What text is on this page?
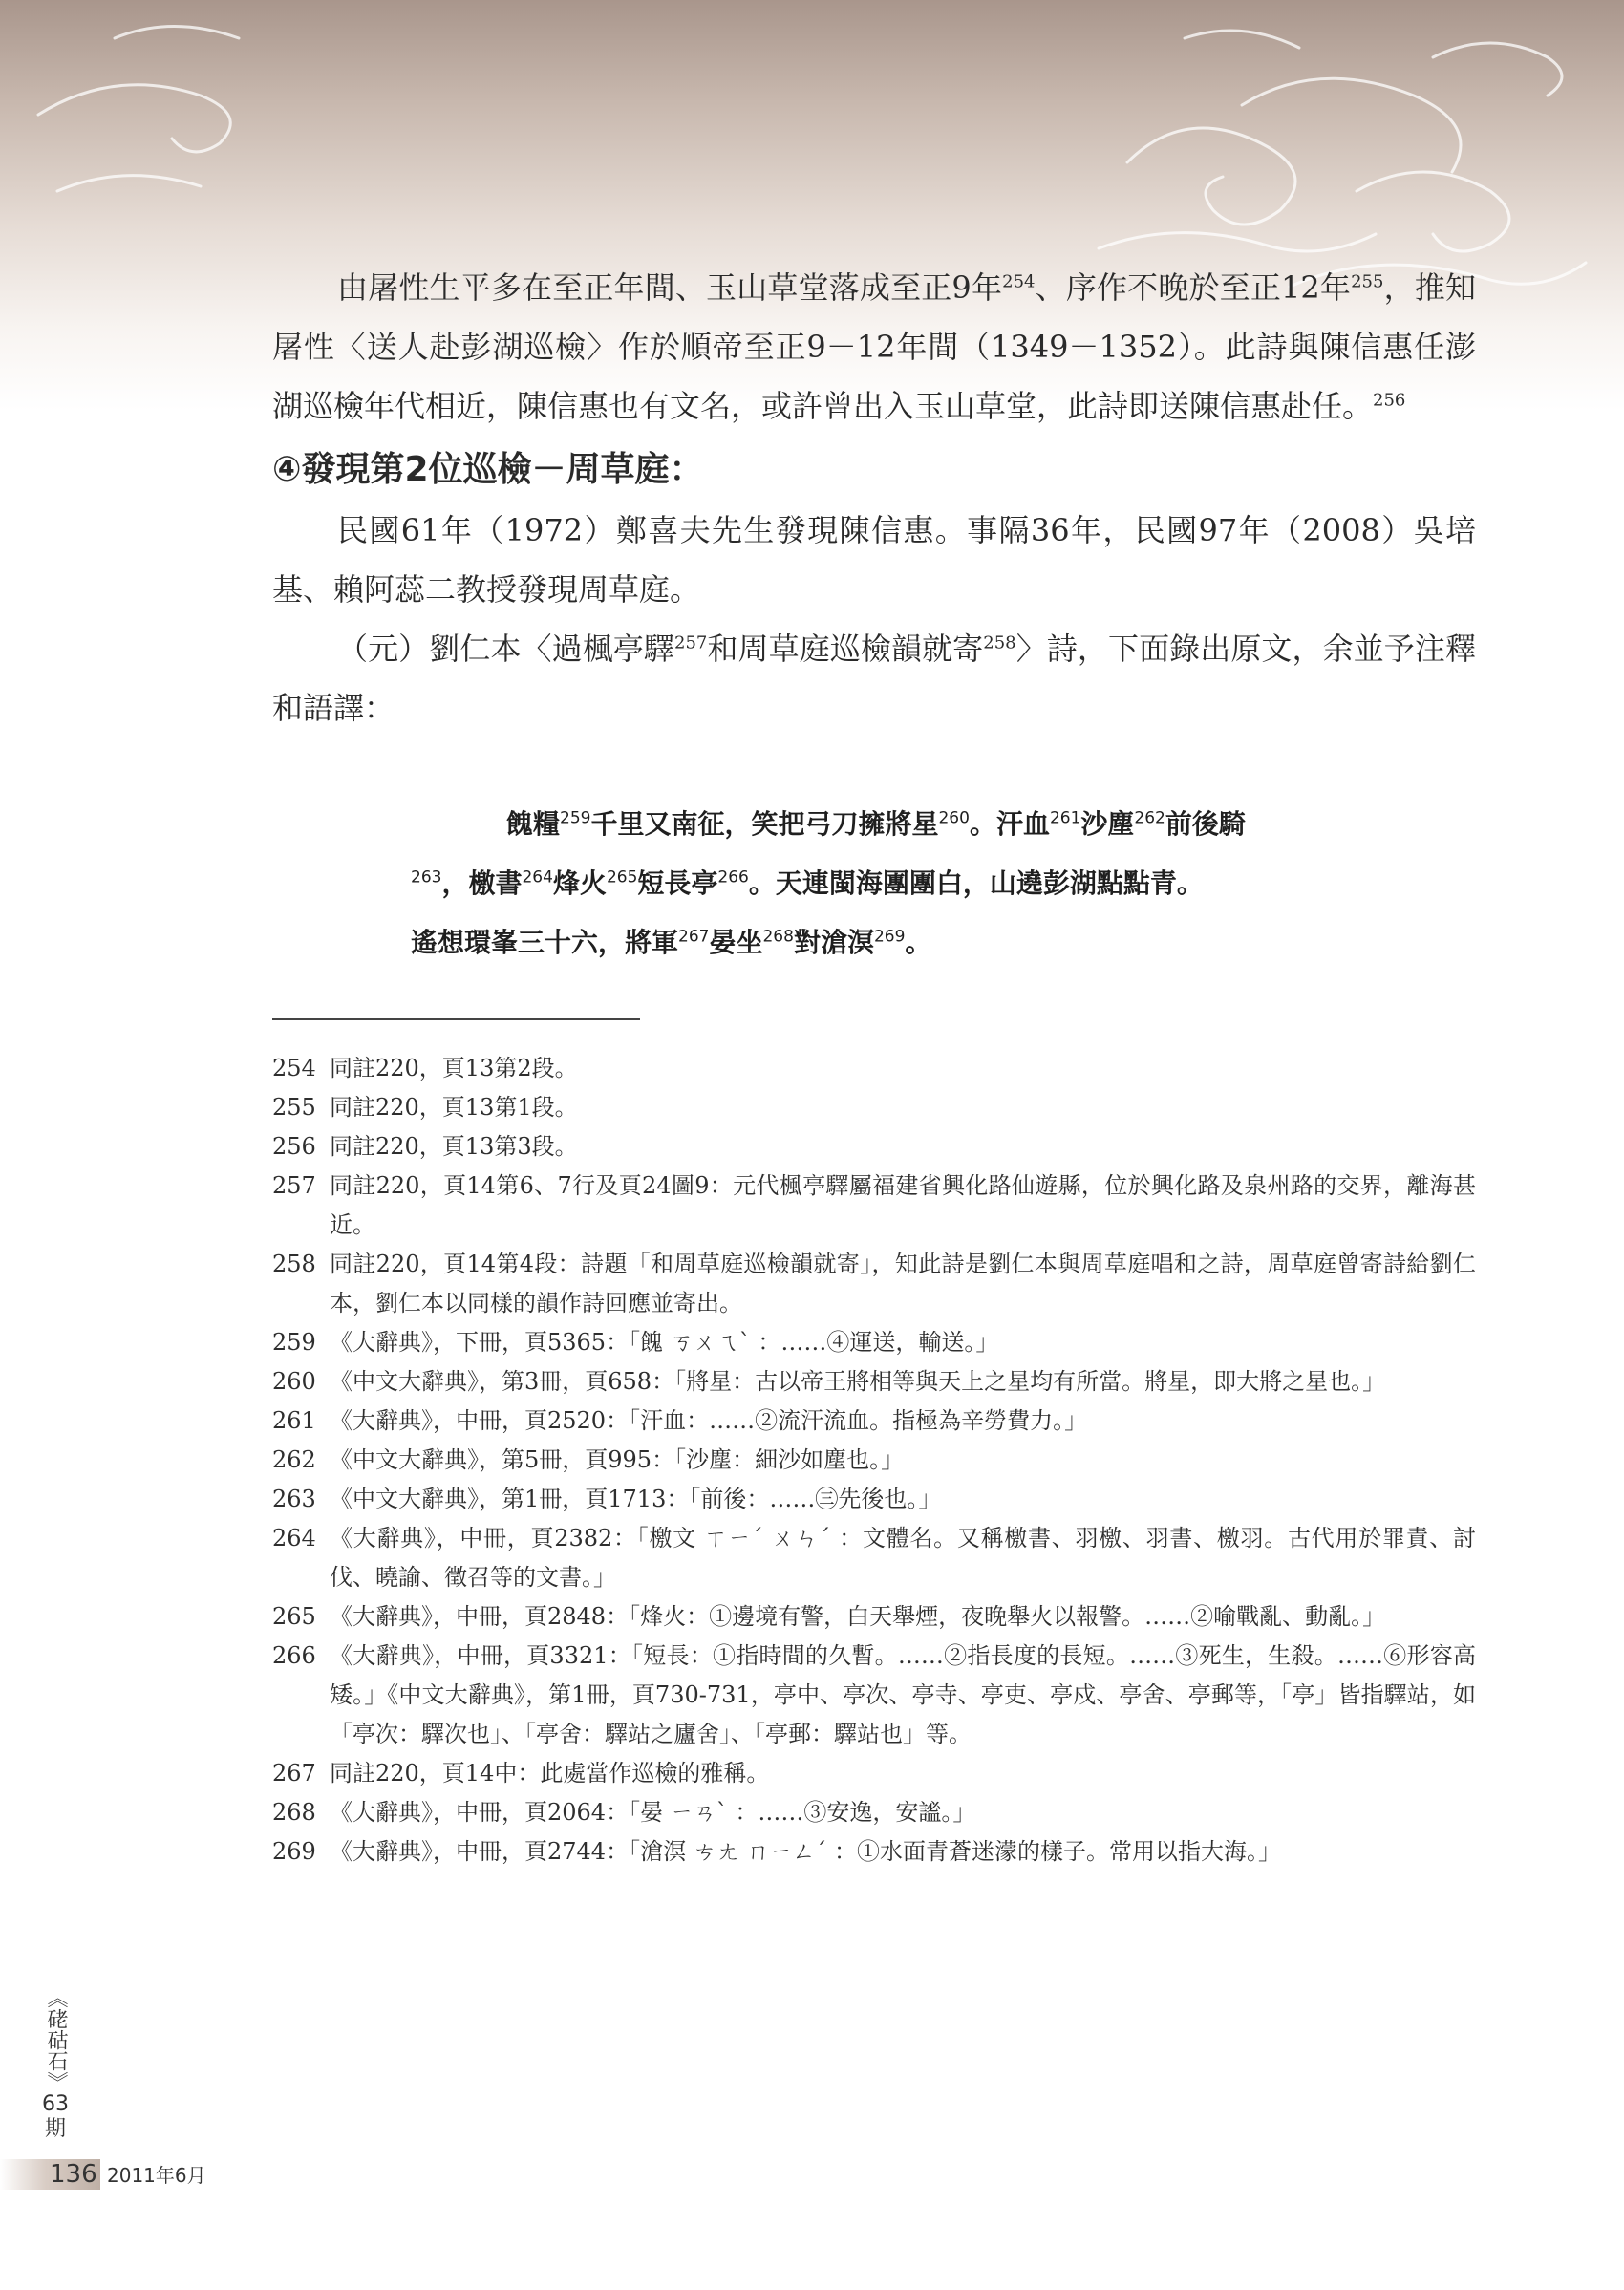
由屠性生平多在至正年間、玉山草堂落成至正9年$^{254}$、序作不晚於至正12年$^{255}$，推知屠性〈送人赴彭湖巡檢〉作於順帝至正9－12年間（1349－1352）。此詩與陳信惠任澎湖巡檢年代相近，陳信惠也有文名，或許曾出入玉山草堂，此詩即送陳信惠赴任。$^{256}$

④發現第2位巡檢－周草庭：

民國61年（1972）鄭喜夫先生發現陳信惠。事隔36年，民國97年（2008）吳培基、賴阿蕊二教授發現周草庭。

（元）劉仁本〈過楓亭驛$^{257}$和周草庭巡檢韻就寄$^{258}$〉詩，下面錄出原文，余並予注釋和語譯：

餽糧$^{259}$千里又南征，笑把弓刀擁將星$^{260}$。汗血$^{261}$沙塵$^{262}$前後騎
$^{263}$，檄書$^{264}$烽火$^{265}$短長亭$^{266}$。天連閩海團團白，山遶彭湖點點青。
遙想環峯三十六，將軍$^{267}$晏坐$^{268}$對滄溟$^{269}$。
254 同註220，頁13第2段。
255 同註220，頁13第1段。
256 同註220，頁13第3段。
257 同註220，頁14第6、7行及頁24圖9：元代楓亭驛屬福建省興化路仙遊縣，位於興化路及泉州路的交界，離海甚近。
258 同註220，頁14第4段：詩題「和周草庭巡檢韻就寄」，知此詩是劉仁本與周草庭唱和之詩，周草庭曾寄詩給劉仁本，劉仁本以同樣的韻作詩回應並寄出。
259 《大辭典》，下冊，頁5365：「餽 ㄎㄨㄟˋ ：……④運送，輸送。」
260 《中文大辭典》，第3冊，頁658：「將星：古以帝王將相等與天上之星均有所當。將星，即大將之星也。」
261 《大辭典》，中冊，頁2520：「汗血：……②流汗流血。指極為辛勞費力。」
262 《中文大辭典》，第5冊，頁995：「沙塵：細沙如塵也。」
263 《中文大辭典》，第1冊，頁1713：「前後：……㊂先後也。」
264 《大辭典》，中冊，頁2382：「檄文 ㄒㄧˊ ㄨㄣˊ ：文體名。又稱檄書、羽檄、羽書、檄羽。古代用於罪責、討伐、曉諭、徵召等的文書。」
265 《大辭典》，中冊，頁2848：「烽火：①邊境有警，白天舉煙，夜晚舉火以報警。……②喻戰亂、動亂。」
266 《大辭典》，中冊，頁3321：「短長：①指時間的久暫。……②指長度的長短。……③死生，生殺。……⑥形容高矮。」《中文大辭典》，第1冊，頁730-731，亭中、亭次、亭寺、亭吏、亭戍、亭舍、亭郵等，「亭」皆指驛站，如「亭次：驛次也」、「亭舍：驛站之廬舍」、「亭郵：驛站也」等。
267 同註220，頁14中：此處當作巡檢的雅稱。
268 《大辭典》，中冊，頁2064：「晏 ㄧㄢˋ ：……③安逸，安謐。」
269 《大辭典》，中冊，頁2744：「滄溟 ㄘㄤ ㄇㄧㄥˊ ：①水面青蒼迷濛的樣子。常用以指大海。」
《硓𥑮石》
63
期
136 2011年6月
